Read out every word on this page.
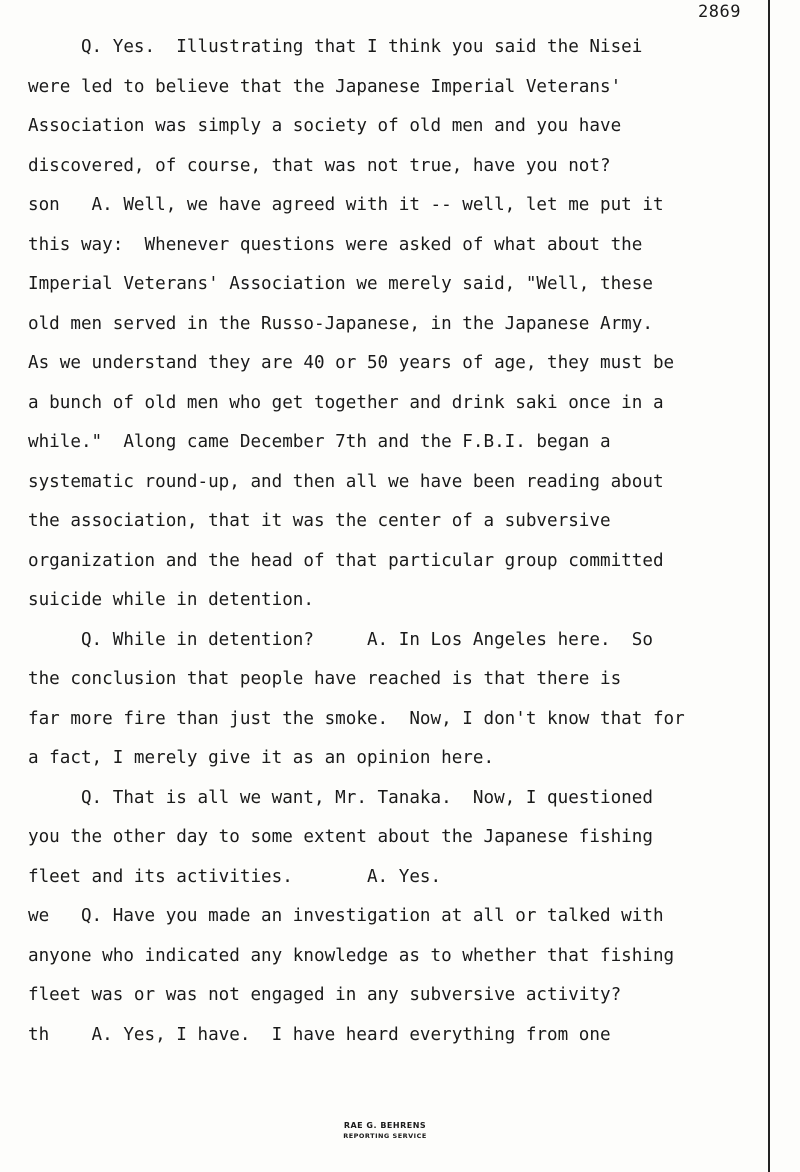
2869
Q. Yes.  Illustrating that I think you said the Nisei
were led to believe that the Japanese Imperial Veterans'
Association was simply a society of old men and you have
discovered, of course, that was not true, have you not?
son   A. Well, we have agreed with it -- well, let me put it
this way:  Whenever questions were asked of what about the
Imperial Veterans' Association we merely said, "Well, these
old men served in the Russo-Japanese, in the Japanese Army.
As we understand they are 40 or 50 years of age, they must be
a bunch of old men who get together and drink saki once in a
while."  Along came December 7th and the F.B.I. began a
systematic round-up, and then all we have been reading about
the association, that it was the center of a subversive
organization and the head of that particular group committed
suicide while in detention.
Q. While in detention?     A. In Los Angeles here.  So
the conclusion that people have reached is that there is
far more fire than just the smoke.  Now, I don't know that for
a fact, I merely give it as an opinion here.
Q. That is all we want, Mr. Tanaka.  Now, I questioned
you the other day to some extent about the Japanese fishing
fleet and its activities.       A. Yes.
we   Q. Have you made an investigation at all or talked with
anyone who indicated any knowledge as to whether that fishing
fleet was or was not engaged in any subversive activity?
th    A. Yes, I have.  I have heard everything from one
RAE G. BEHRENS
REPORTING SERVICE
